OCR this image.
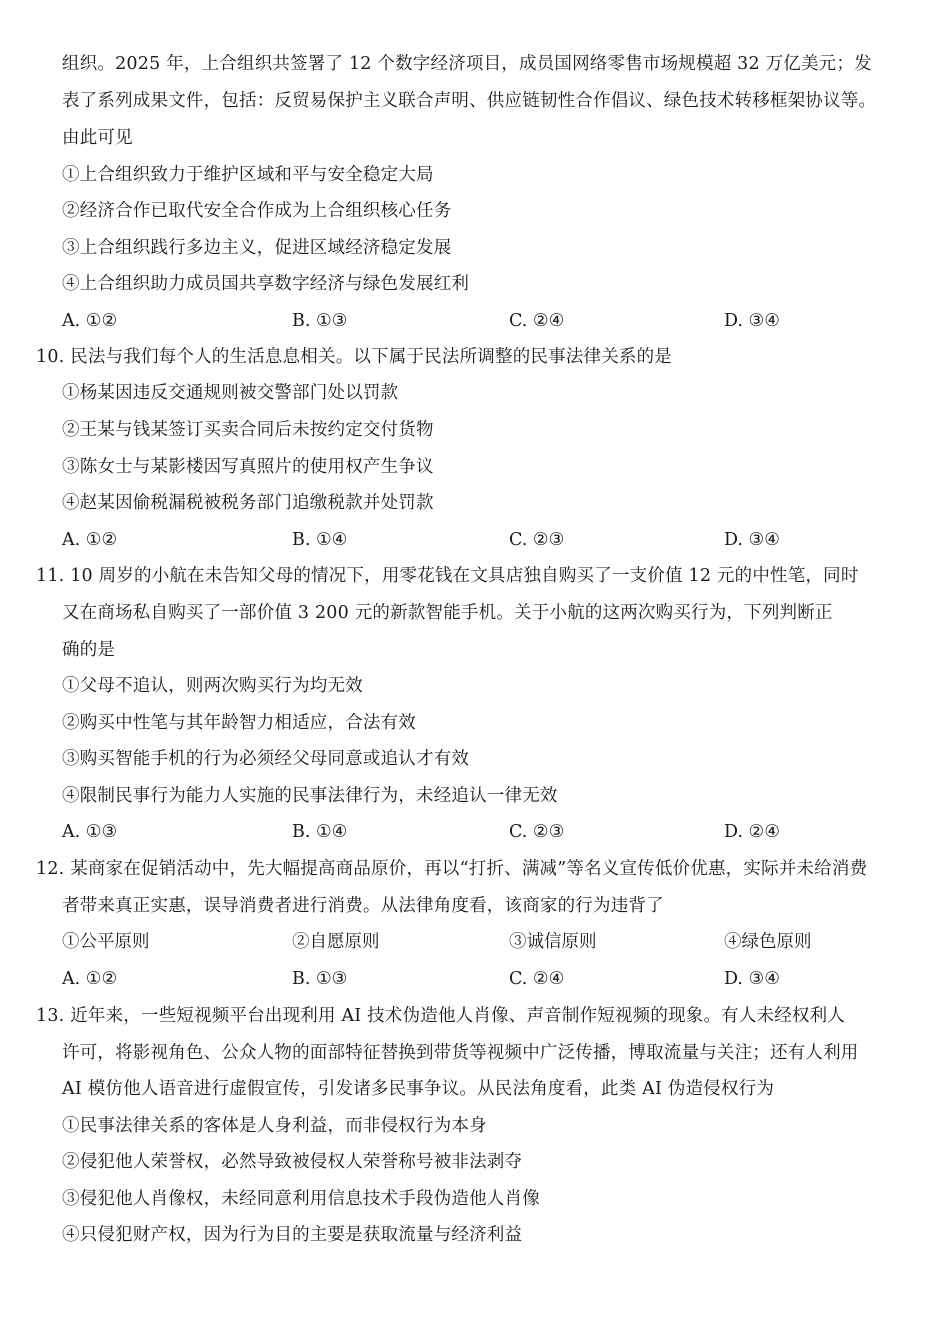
组织。2025 年，上合组织共签署了 12 个数字经济项目，成员国网络零售市场规模超 32 万亿美元；发
表了系列成果文件，包括：反贸易保护主义联合声明、供应链韧性合作倡议、绿色技术转移框架协议等。
由此可见
①上合组织致力于维护区域和平与安全稳定大局
②经济合作已取代安全合作成为上合组织核心任务
③上合组织践行多边主义，促进区域经济稳定发展
④上合组织助力成员国共享数字经济与绿色发展红利
A. ①②	B. ①③	C. ②④	D. ③④
10. 民法与我们每个人的生活息息相关。以下属于民法所调整的民事法律关系的是
①杨某因违反交通规则被交警部门处以罚款
②王某与钱某签订买卖合同后未按约定交付货物
③陈女士与某影楼因写真照片的使用权产生争议
④赵某因偷税漏税被税务部门追缴税款并处罚款
A. ①②	B. ①④	C. ②③	D. ③④
11. 10 周岁的小航在未告知父母的情况下，用零花钱在文具店独自购买了一支价值 12 元的中性笔，同时
又在商场私自购买了一部价值 3 200 元的新款智能手机。关于小航的这两次购买行为，下列判断正
确的是
①父母不追认，则两次购买行为均无效
②购买中性笔与其年龄智力相适应，合法有效
③购买智能手机的行为必须经父母同意或追认才有效
④限制民事行为能力人实施的民事法律行为，未经追认一律无效
A. ①③	B. ①④	C. ②③	D. ②④
12. 某商家在促销活动中，先大幅提高商品原价，再以“打折、满减”等名义宣传低价优惠，实际并未给消费
者带来真正实惠，误导消费者进行消费。从法律角度看，该商家的行为违背了
①公平原则	②自愿原则	③诚信原则	④绿色原则
A. ①②	B. ①③	C. ②④	D. ③④
13. 近年来，一些短视频平台出现利用 AI 技术伪造他人肖像、声音制作短视频的现象。有人未经权利人
许可，将影视角色、公众人物的面部特征替换到带货等视频中广泛传播，博取流量与关注；还有人利用
AI 模仿他人语音进行虚假宣传，引发诸多民事争议。从民法角度看，此类 AI 伪造侵权行为
①民事法律关系的客体是人身利益，而非侵权行为本身
②侵犯他人荣誉权，必然导致被侵权人荣誉称号被非法剥夺
③侵犯他人肖像权，未经同意利用信息技术手段伪造他人肖像
④只侵犯财产权，因为行为目的主要是获取流量与经济利益
